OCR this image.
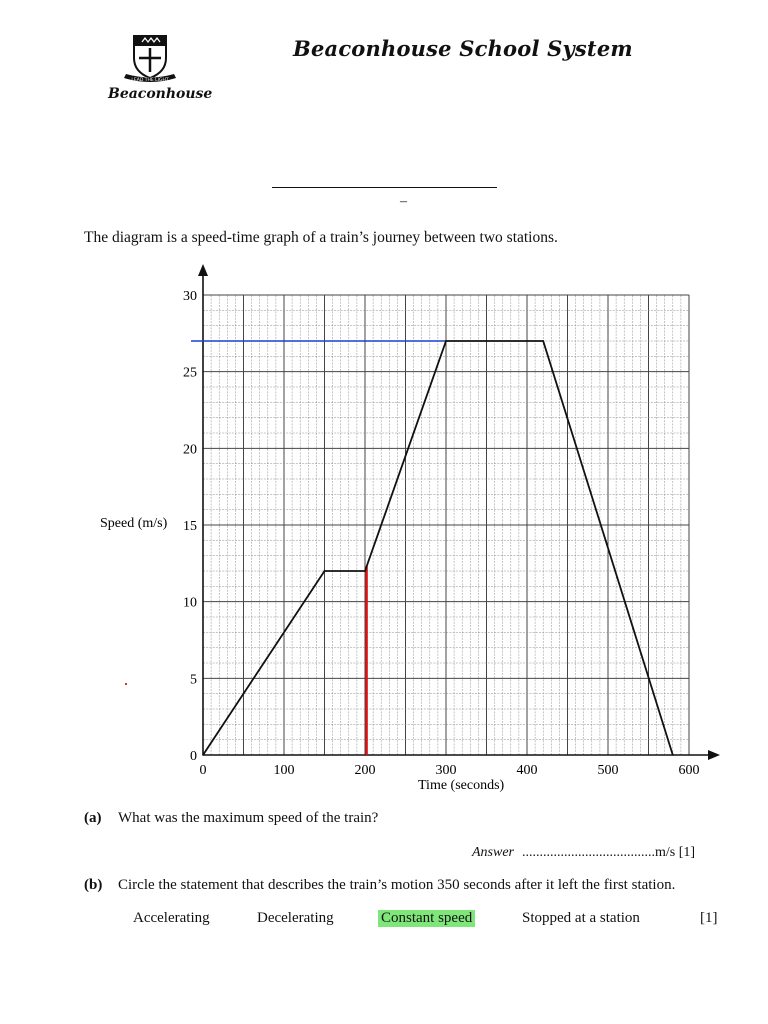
LEAD THE LIGHT
Beaconhouse
Beaconhouse School System
–
The diagram is a speed-time graph of a train’s journey between two stations.
0	100	200	300	400	500	600
0
5
10
15
20
25
30
Speed (m/s)
Time (seconds)
(a) What was the maximum speed of the train?
Answer ......................................m/s [1]
(b) Circle the statement that describes the train’s motion 350 seconds after it left the first station.
Accelerating	Decelerating	Constant speed	Stopped at a station	[1]
